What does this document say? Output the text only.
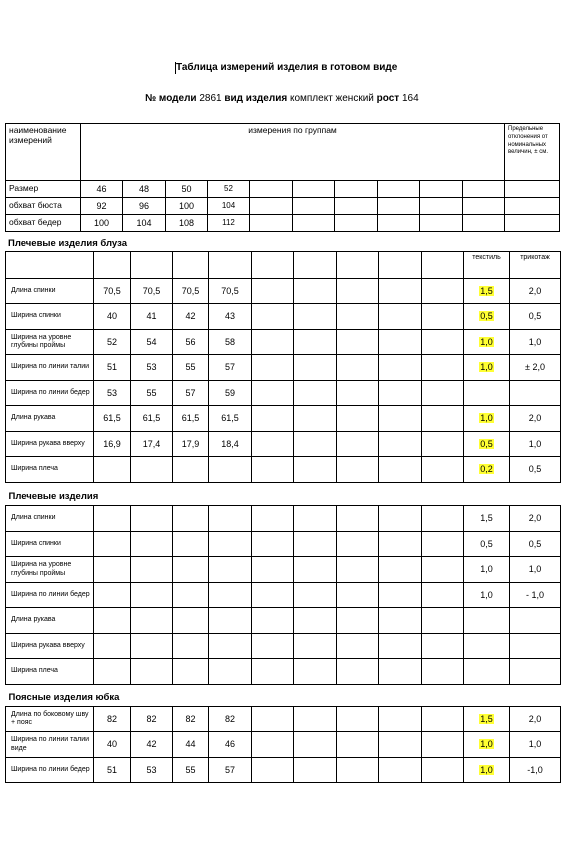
Таблица измерений изделия в готовом виде
№ модели 2861 вид изделия комплект женский рост 164
наименование измерений	измерения по группам										Предельные отклонения от номинальных величин, ± см.
Размер	46	48	50	52							
обхват бюста	92	96	100	104							
обхват бедер	100	104	108	112							
Плечевые изделия блуза
										текстиль	трикотаж
Длина спинки	70,5	70,5	70,5	70,5						1,5	2,0
Ширина спинки	40	41	42	43						0,5	0,5
Ширина на уровне глубины проймы	52	54	56	58						1,0	1,0
Ширина по линии талии	51	53	55	57						1,0	± 2,0
Ширина по линии бедер	53	55	57	59							
Длина рукава	61,5	61,5	61,5	61,5						1,0	2,0
Ширина рукава вверху	16,9	17,4	17,9	18,4						0,5	1,0
Ширина плеча										0,2	0,5
Плечевые изделия											
Длина спинки										1,5	2,0
Ширина спинки										0,5	0,5
Ширина на уровне глубины проймы										1,0	1,0
Ширина по линии бедер										1,0	- 1,0
Длина рукава											
Ширина рукава вверху											
Ширина плеча											
Поясные изделия юбка											
Длина по боковому шву + пояс	82	82	82	82						1,5	2,0
Ширина по линии талии виде	40	42	44	46						1,0	1,0
Ширина по линии бедер	51	53	55	57						1,0	-1,0
